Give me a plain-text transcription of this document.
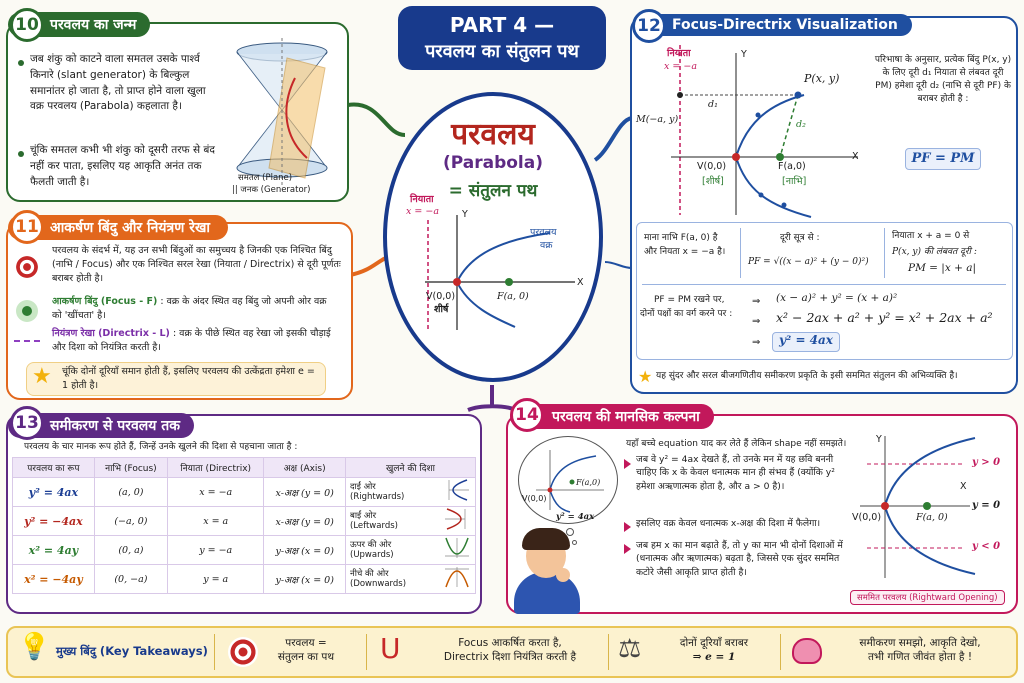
PART 4 —
परवलय का संतुलन पथ
परवलय
(Parabola)
= संतुलन पथ
नियाता
x = −a Y
X
परवलय
वक्र
V(0,0)
शीर्ष
F(a, 0)
परवलय का जन्म
10
जब शंकु को काटने वाला समतल उसके पार्श्व किनारे (slant generator) के बिल्कुल समानांतर हो जाता है, तो प्राप्त होने वाला खुला वक्र परवलय (Parabola) कहलाता है।
चूंकि समतल कभी भी शंकु को दूसरी तरफ से बंद नहीं कर पाता, इसलिए यह आकृति अनंत तक फैलती जाती है।	समतल (Plane)
|| जनक (Generator)
आकर्षण बिंदु और नियंत्रण रेखा
11
परवलय के संदर्भ में, यह उन सभी बिंदुओं का समुच्चय है जिनकी एक निश्चित बिंदु (नाभि / Focus) और एक निश्चित सरल रेखा (नियाता / Directrix) से दूरी पूर्णतः बराबर होती है।
आकर्षण बिंदु (Focus - F) : वक्र के अंदर स्थित वह बिंदु जो अपनी ओर वक्र को 'खींचता' है।
नियंत्रण रेखा (Directrix - L) : वक्र के पीछे स्थित वह रेखा जो इसकी चौड़ाई और दिशा को नियंत्रित करती है।
★ चूंकि दोनों दूरियाँ समान होती हैं, इसलिए परवलय की उत्केंद्रता हमेशा e = 1 होती है।
Focus-Directrix Visualization
12
नियाता
x = −a
Y
X
P(x, y)
M(−a, y)
d₁
d₂
V(0,0)	F(a,0)
[शीर्ष]	[नाभि]
परिभाषा के अनुसार, प्रत्येक बिंदु P(x, y) के लिए दूरी d₁ नियाता से लंबवत दूरी PM) हमेशा दूरी d₂ (नाभि से दूरी PF) के बराबर होती है :
PF = PM
माना नाभि F(a, 0) है
और नियता x = −a है।
दूरी सूत्र से :
PF = √((x − a)² + (y − 0)²)
नियाता x + a = 0 से
P(x, y) की लंबवत दूरी :
PM = |x + a|
PF = PM रखने पर,
दोनों पक्षों का वर्ग करने पर :
⇒
⇒
⇒
(x − a)² + y² = (x + a)²
x² − 2ax + a² + y² = x² + 2ax + a²
y² = 4ax
★ यह सुंदर और सरल बीजगणितीय समीकरण प्रकृति के इसी सममित संतुलन की अभिव्यक्ति है।
समीकरण से परवलय तक
13
परवलय के चार मानक रूप होते हैं, जिन्हें उनके खुलने की दिशा से पहचाना जाता है :
परवलय का रूप	नाभि (Focus)	नियाता (Directrix)	अक्ष (Axis)	खुलने की दिशा
y² = 4ax	(a, 0)	x = −a	x-अक्ष (y = 0)	दाईं ओर
(Rightwards)

y² = −4ax	(−a, 0)	x = a	x-अक्ष (y = 0)	बाईं ओर
(Leftwards)

x² = 4ay	(0, a)	y = −a	y-अक्ष (x = 0)	ऊपर की ओर
(Upwards)

x² = −4ay	(0, −a)	y = a	y-अक्ष (x = 0)	नीचे की ओर
(Downwards)
परवलय की मानसिक कल्पना
14
V(0,0)
F(a,0)
y² = 4ax
यहाँ बच्चे equation याद कर लेते हैं लेकिन shape नहीं समझते।
जब वे y² = 4ax देखते हैं, तो उनके मन में यह छवि बननी चाहिए कि x के केवल धनात्मक मान ही संभव हैं (क्योंकि y² हमेशा अऋणात्मक होता है, और a > 0 है)।
इसलिए वक्र केवल धनात्मक x-अक्ष की दिशा में फैलेगा।
जब हम x का मान बढ़ाते हैं, तो y का मान भी दोनों दिशाओं में (धनात्मक और ऋणात्मक) बढ़ता है, जिससे एक सुंदर सममित कटोरे जैसी आकृति प्राप्त होती है।
Y
X
V(0,0)	F(a, 0)
y > 0
y = 0
y < 0
सममित परवलय (Rightward Opening)
💡 मुख्य बिंदु (Key Takeaways)
परवलय =
संतुलन का पथ	Ս	Focus आकर्षित करता है,
Directrix दिशा नियंत्रित करती है	⚖	दोनों दूरियाँ बराबर
⇒ e = 1
समीकरण समझो, आकृति देखो,
तभी गणित जीवंत होता है !
